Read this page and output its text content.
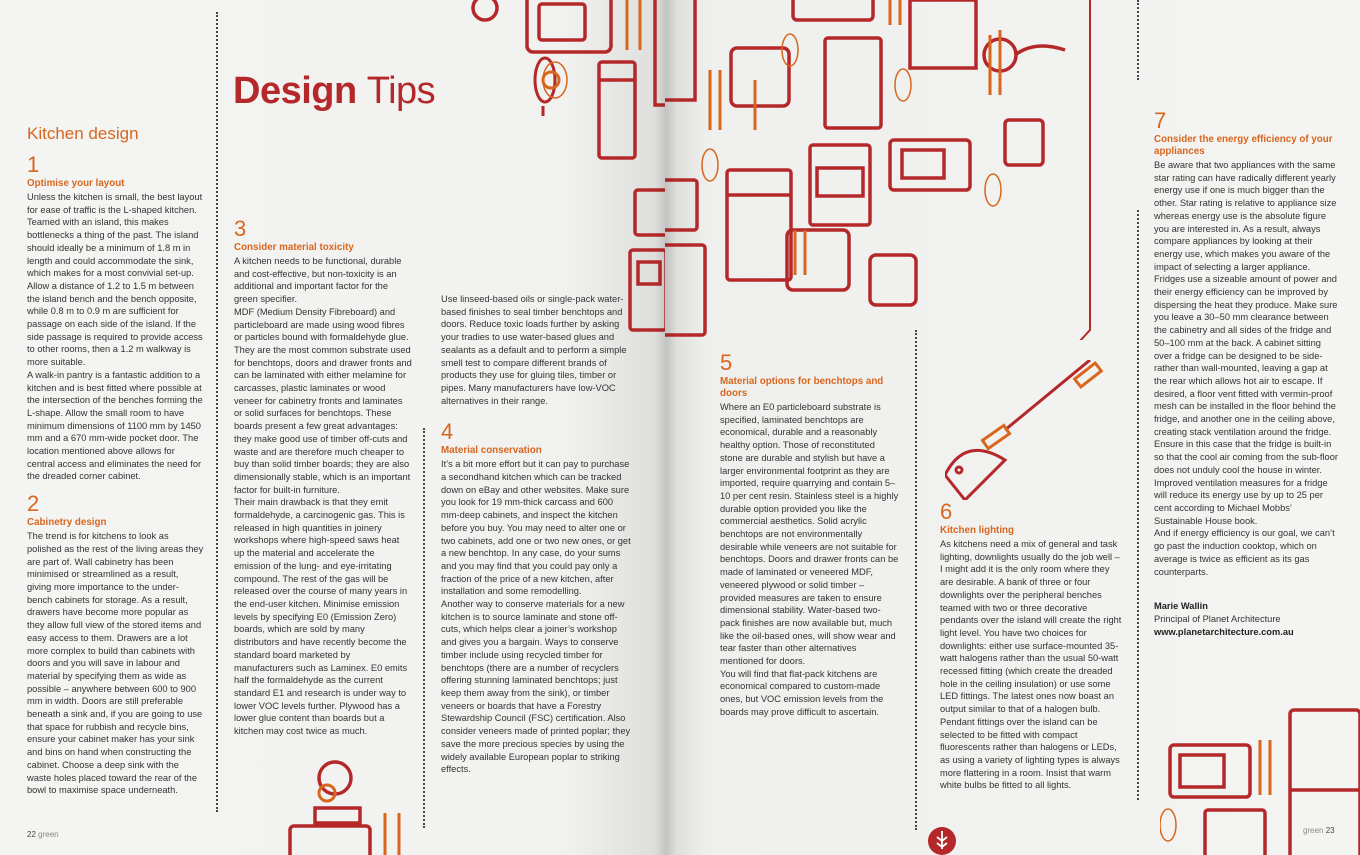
Design Tips
Kitchen design
1
Optimise your layout

Unless the kitchen is small, the best layout for ease of traffic is the L-shaped kitchen. Teamed with an island, this makes bottlenecks a thing of the past. The island should ideally be a minimum of 1.8 m in length and could accommodate the sink, which makes for a most convivial set-up. Allow a distance of 1.2 to 1.5 m between the island bench and the bench opposite, while 0.8 m to 0.9 m are sufficient for passage on each side of the island. If the side passage is required to provide access to other rooms, then a 1.2 m walkway is more suitable.

A walk-in pantry is a fantastic addition to a kitchen and is best fitted where possible at the intersection of the benches forming the L-shape. Allow the small room to have minimum dimensions of 1100 mm by 1450 mm and a 670 mm-wide pocket door. The location mentioned above allows for central access and eliminates the need for the dreaded corner cabinet.

2
Cabinetry design

The trend is for kitchens to look as polished as the rest of the living areas they are part of. Wall cabinetry has been minimised or streamlined as a result, giving more importance to the under-bench cabinets for storage. As a result, drawers have become more popular as they allow full view of the stored items and easy access to them. Drawers are a lot more complex to build than cabinets with doors and you will save in labour and material by specifying them as wide as possible – anywhere between 600 to 900 mm in width. Doors are still preferable beneath a sink and, if you are going to use that space for rubbish and recycle bins, ensure your cabinet maker has your sink and bins on hand when constructing the cabinet. Choose a deep sink with the waste holes placed toward the rear of the bowl to maximise space underneath.

3
Consider material toxicity

A kitchen needs to be functional, durable and cost-effective, but non-toxicity is an additional and important factor for the green specifier.

MDF (Medium Density Fibreboard) and particleboard are made using wood fibres or particles bound with formaldehyde glue. They are the most common substrate used for benchtops, doors and drawer fronts and can be laminated with either melamine for carcasses, plastic laminates or wood veneer for cabinetry fronts and laminates or solid surfaces for benchtops. These boards present a few great advantages: they make good use of timber off-cuts and waste and are therefore much cheaper to buy than solid timber boards; they are also dimensionally stable, which is an important factor for built-in furniture.

Their main drawback is that they emit formaldehyde, a carcinogenic gas. This is released in high quantities in joinery workshops where high-speed saws heat up the material and accelerate the emission of the lung- and eye-irritating compound. The rest of the gas will be released over the course of many years in the end-user kitchen. Minimise emission levels by specifying E0 (Emission Zero) boards, which are sold by many distributors and have recently become the standard board marketed by manufacturers such as Laminex. E0 emits half the formaldehyde as the current standard E1 and research is under way to lower VOC levels further. Plywood has a lower glue content than boards but a kitchen may cost twice as much.

Use linseed-based oils or single-pack water-based finishes to seal timber benchtops and doors. Reduce toxic loads further by asking your tradies to use water-based glues and sealants as a default and to perform a simple smell test to compare different brands of products they use for gluing tiles, timber or pipes. Many manufacturers have low-VOC alternatives in their range.

4
Material conservation

It’s a bit more effort but it can pay to purchase a secondhand kitchen which can be tracked down on eBay and other websites. Make sure you look for 19 mm-thick carcass and 600 mm-deep cabinets, and inspect the kitchen before you buy. You may need to alter one or two cabinets, add one or two new ones, or get a new benchtop. In any case, do your sums and you may find that you could pay only a fraction of the price of a new kitchen, after installation and some remodelling.

Another way to conserve materials for a new kitchen is to source laminate and stone off-cuts, which helps clear a joiner’s workshop and gives you a bargain. Ways to conserve timber include using recycled timber for benchtops (there are a number of recyclers offering stunning laminated benchtops; just keep them away from the sink), or timber veneers or boards that have a Forestry Stewardship Council (FSC) certification. Also consider veneers made of printed poplar; they save the more precious species by using the widely available European poplar to striking effects.

22 green
5
Material options for benchtops and doors

Where an E0 particleboard substrate is specified, laminated benchtops are economical, durable and a reasonably healthy option. Those of reconstituted stone are durable and stylish but have a larger environmental footprint as they are imported, require quarrying and contain 5–10 per cent resin. Stainless steel is a highly durable option provided you like the commercial aesthetics. Solid acrylic benchtops are not environmentally desirable while veneers are not suitable for benchtops. Doors and drawer fronts can be made of laminated or veneered MDF, veneered plywood or solid timber – provided measures are taken to ensure dimensional stability. Water-based two-pack finishes are now available but, much like the oil-based ones, will show wear and tear faster than other alternatives mentioned for doors.

You will find that flat-pack kitchens are economical compared to custom-made ones, but VOC emission levels from the boards may prove difficult to ascertain.

6
Kitchen lighting

As kitchens need a mix of general and task lighting, downlights usually do the job well – I might add it is the only room where they are desirable. A bank of three or four downlights over the peripheral benches teamed with two or three decorative pendants over the island will create the right light level. You have two choices for downlights: either use surface-mounted 35-watt halogens rather than the usual 50-watt recessed fitting (which create the dreaded hole in the ceiling insulation) or use some LED fittings. The latest ones now boast an output similar to that of a halogen bulb. Pendant fittings over the island can be selected to be fitted with compact fluorescents rather than halogens or LEDs, as using a variety of lighting types is always more flattering in a room. Insist that warm white bulbs be fitted to all lights.

7
Consider the energy efficiency of your appliances

Be aware that two appliances with the same star rating can have radically different yearly energy use if one is much bigger than the other. Star rating is relative to appliance size whereas energy use is the absolute figure you are interested in. As a result, always compare appliances by looking at their energy use, which makes you aware of the impact of selecting a larger appliance.

Fridges use a sizeable amount of power and their energy efficiency can be improved by dispersing the heat they produce. Make sure you leave a 30–50 mm clearance between the cabinetry and all sides of the fridge and 50–100 mm at the back. A cabinet sitting over a fridge can be designed to be side- rather than wall-mounted, leaving a gap at the rear which allows hot air to escape. If desired, a floor vent fitted with vermin-proof mesh can be installed in the floor behind the fridge, and another one in the ceiling above, creating stack ventilation around the fridge. Ensure in this case that the fridge is built-in so that the cool air coming from the sub-floor does not unduly cool the house in winter. Improved ventilation measures for a fridge will reduce its energy use by up to 25 per cent according to Michael Mobbs’ Sustainable House book.

And if energy efficiency is our goal, we can’t go past the induction cooktop, which on average is twice as efficient as its gas counterparts.

Marie Wallin

Principal of Planet Architecture

www.planetarchitecture.com.au

green 23
